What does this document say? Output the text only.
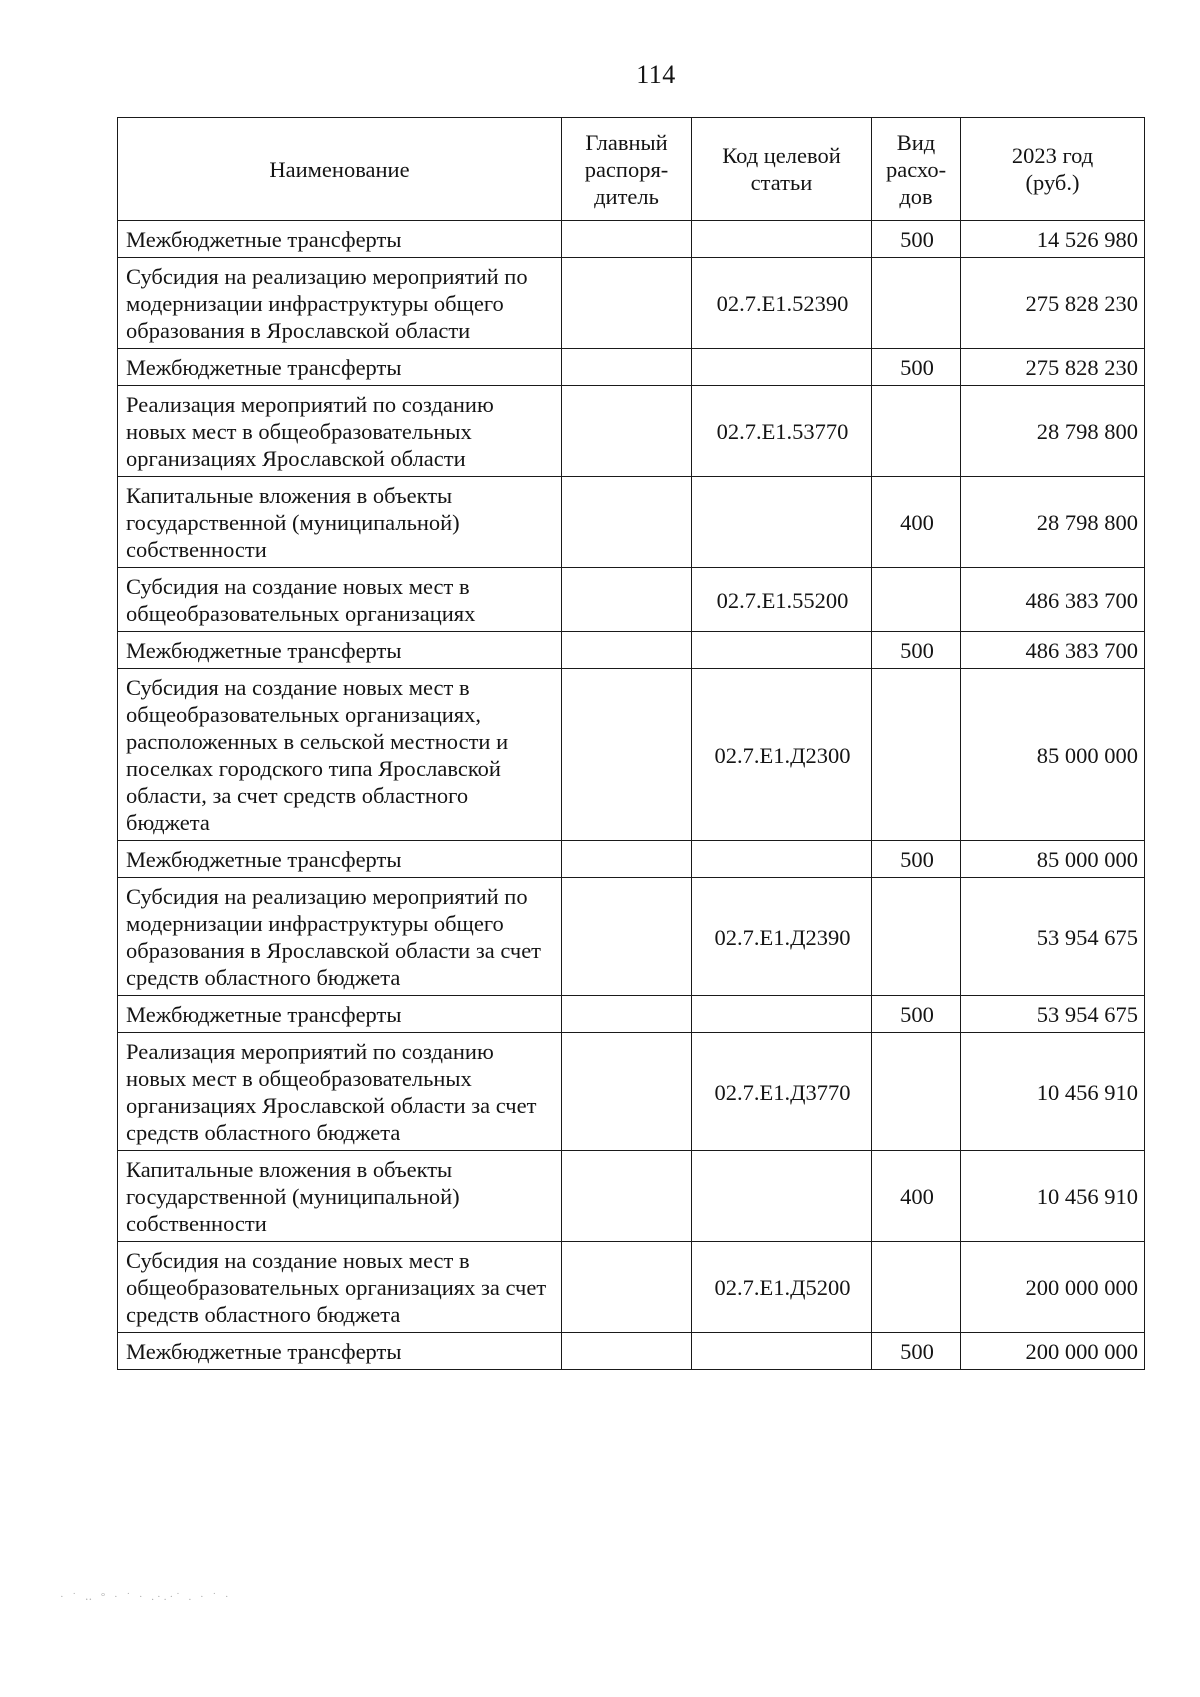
114
Наименование	Главный распоря-дитель	Код целевой статьи	Вид расхо-дов	2023 год (руб.)
Межбюджетные трансферты			500	14 526 980
Субсидия на реализацию мероприятий по модернизации инфраструктуры общего образования в Ярославской области		02.7.Е1.52390		275 828 230
Межбюджетные трансферты			500	275 828 230
Реализация мероприятий по созданию новых мест в общеобразовательных организациях Ярославской области		02.7.Е1.53770		28 798 800
Капитальные вложения в объекты государственной (муниципальной) собственности			400	28 798 800
Субсидия на создание новых мест в общеобразовательных организациях		02.7.Е1.55200		486 383 700
Межбюджетные трансферты			500	486 383 700
Субсидия на создание новых мест в общеобразовательных организациях, расположенных в сельской местности и поселках городского типа Ярославской области, за счет средств областного бюджета		02.7.Е1.Д2300		85 000 000
Межбюджетные трансферты			500	85 000 000
Субсидия на реализацию мероприятий по модернизации инфраструктуры общего образования в Ярославской области за счет средств областного бюджета		02.7.Е1.Д2390		53 954 675
Межбюджетные трансферты			500	53 954 675
Реализация мероприятий по созданию новых мест в общеобразовательных организациях Ярославской области за счет средств областного бюджета		02.7.Е1.Д3770		10 456 910
Капитальные вложения в объекты государственной (муниципальной) собственности			400	10 456 910
Субсидия на создание новых мест в общеобразовательных организациях за счет средств областного бюджета		02.7.Е1.Д5200		200 000 000
Межбюджетные трансферты			500	200 000 000
· ˙ ‥ ° · ˙ · .·.·˙ . · ˙ ·
